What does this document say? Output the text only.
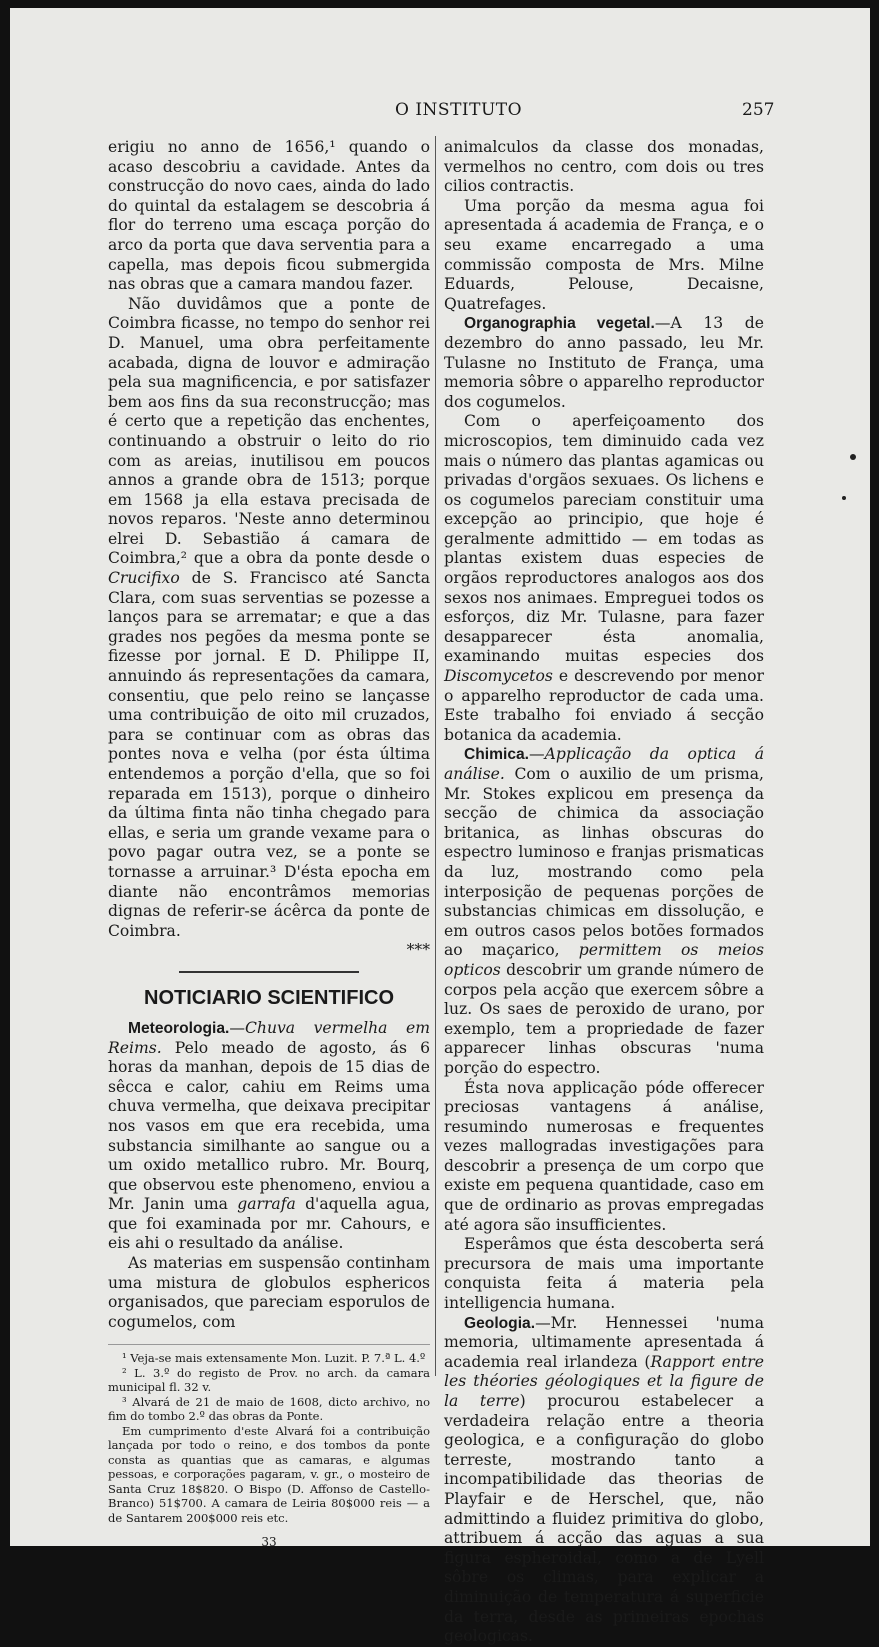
O INSTITUTO	257

erigiu no anno de 1656,¹ quando o acaso descobriu a cavidade. Antes da construcção do novo caes, ainda do lado do quintal da estalagem se descobria á flor do terreno uma escaça porção do arco da porta que dava serventia para a capella, mas depois ficou submergida nas obras que a camara mandou fazer.

Não duvidâmos que a ponte de Coimbra ficasse, no tempo do senhor rei D. Manuel, uma obra perfeitamente acabada, digna de louvor e admiração pela sua magnificencia, e por satisfazer bem aos fins da sua reconstrucção; mas é certo que a repetição das enchentes, continuando a obstruir o leito do rio com as areias, inutilisou em poucos annos a grande obra de 1513; porque em 1568 ja ella estava precisada de novos reparos. 'Neste anno determinou elrei D. Sebastião á camara de Coimbra,² que a obra da ponte desde o Crucifixo de S. Francisco até Sancta Clara, com suas serventias se pozesse a lanços para se arrematar; e que a das grades nos pegões da mesma ponte se fizesse por jornal. E D. Philippe II, annuindo ás representações da camara, consentiu, que pelo reino se lançasse uma contribuição de oito mil cruzados, para se continuar com as obras das pontes nova e velha (por ésta última entendemos a porção d'ella, que so foi reparada em 1513), porque o dinheiro da última finta não tinha chegado para ellas, e seria um grande vexame para o povo pagar outra vez, se a ponte se tornasse a arruinar.³ D'ésta epocha em diante não encontrâmos memorias dignas de referir-se ácêrca da ponte de Coimbra.

***

NOTICIARIO SCIENTIFICO

Meteorologia.—Chuva vermelha em Reims. Pelo meado de agosto, ás 6 horas da manhan, depois de 15 dias de sêcca e calor, cahiu em Reims uma chuva vermelha, que deixava precipitar nos vasos em que era recebida, uma substancia similhante ao sangue ou a um oxido metallico rubro. Mr. Bourq, que observou este phenomeno, enviou a Mr. Janin uma garrafa d'aquella agua, que foi examinada por mr. Cahours, e eis ahi o resultado da análise.

As materias em suspensão continham uma mistura de globulos esphericos organisados, que pareciam esporulos de cogumelos, com

¹ Veja-se mais extensamente Mon. Luzit. P. 7.ª L. 4.º

² L. 3.º do registo de Prov. no arch. da camara municipal fl. 32 v.

³ Alvará de 21 de maio de 1608, dicto archivo, no fim do tombo 2.º das obras da Ponte.

Em cumprimento d'este Alvará foi a contribuição lançada por todo o reino, e dos tombos da ponte consta as quantias que as camaras, e algumas pessoas, e corporações pagaram, v. gr., o mosteiro de Santa Cruz 18$820. O Bispo (D. Affonso de Castello-Branco) 51$700. A camara de Leiria 80$000 reis — a de Santarem 200$000 reis etc.

33

animalculos da classe dos monadas, vermelhos no centro, com dois ou tres cilios contractis.

Uma porção da mesma agua foi apresentada á academia de França, e o seu exame encarregado a uma commissão composta de Mrs. Milne Eduards, Pelouse, Decaisne, Quatrefages.

Organographia vegetal.—A 13 de dezembro do anno passado, leu Mr. Tulasne no Instituto de França, uma memoria sôbre o apparelho reproductor dos cogumelos.

Com o aperfeiçoamento dos microscopios, tem diminuido cada vez mais o número das plantas agamicas ou privadas d'orgãos sexuaes. Os lichens e os cogumelos pareciam constituir uma excepção ao principio, que hoje é geralmente admittido — em todas as plantas existem duas especies de orgãos reproductores analogos aos dos sexos nos animaes. Empreguei todos os esforços, diz Mr. Tulasne, para fazer desapparecer ésta anomalia, examinando muitas especies dos Discomycetos e descrevendo por menor o apparelho reproductor de cada uma. Este trabalho foi enviado á secção botanica da academia.

Chimica.—Applicação da optica á análise. Com o auxilio de um prisma, Mr. Stokes explicou em presença da secção de chimica da associação britanica, as linhas obscuras do espectro luminoso e franjas prismaticas da luz, mostrando como pela interposição de pequenas porções de substancias chimicas em dissolução, e em outros casos pelos botões formados ao maçarico, permittem os meios opticos descobrir um grande número de corpos pela acção que exercem sôbre a luz. Os saes de peroxido de urano, por exemplo, tem a propriedade de fazer apparecer linhas obscuras 'numa porção do espectro.

Ésta nova applicação póde offerecer preciosas vantagens á análise, resumindo numerosas e frequentes vezes mallogradas investigações para descobrir a presença de um corpo que existe em pequena quantidade, caso em que de ordinario as provas empregadas até agora são insufficientes.

Esperâmos que ésta descoberta será precursora de mais uma importante conquista feita á materia pela intelligencia humana.

Geologia.—Mr. Hennessei 'numa memoria, ultimamente apresentada á academia real irlandeza (Rapport entre les théories géologiques et la figure de la terre) procurou estabelecer a verdadeira relação entre a theoria geologica, e a configuração do globo terreste, mostrando tanto a incompatibilidade das theorias de Playfair e de Herschel, que, não admittindo a fluidez primitiva do globo, attribuem á acção das aguas a sua figura espheroidal, como a de Lyell sôbre os climas, para explicar a diminuição de temperatura á superficie da terra, desde as primeiras epochas geologicas.
